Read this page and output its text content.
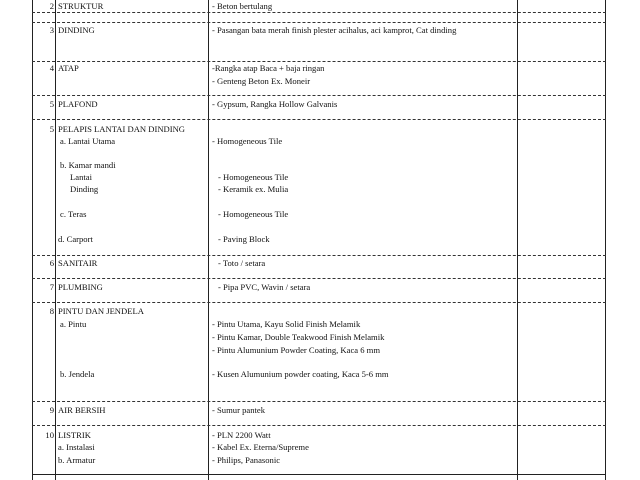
2 STRUKTUR	- Beton bertulang
3 DINDING	- Pasangan bata merah finish plester acihalus, aci kamprot, Cat dinding
4 ATAP	-Rangka atap Baca + baja ringan
- Genteng Beton Ex. Moneir
5 PLAFOND	- Gypsum, Rangka Hollow Galvanis
5 PELAPIS LANTAI DAN DINDING
a. Lantai Utama	- Homogeneous Tile
b. Kamar mandi
Lantai	- Homogeneous Tile
Dinding	- Keramik ex. Mulia
c. Teras	- Homogeneous Tile
d. Carport	- Paving Block
6 SANITAIR	- Toto / setara
7 PLUMBING	- Pipa PVC, Wavin / setara
8 PINTU DAN JENDELA
a. Pintu	- Pintu Utama, Kayu Solid Finish Melamik
- Pintu Kamar, Double Teakwood Finish Melamik
- Pintu Alumunium Powder Coating, Kaca 6 mm
b. Jendela	- Kusen Alumunium powder coating, Kaca 5-6 mm
9 AIR BERSIH	- Sumur pantek
10 LISTRIK	- PLN 2200 Watt
a. Instalasi	- Kabel Ex. Eterna/Supreme
b. Armatur	- Philips, Panasonic
